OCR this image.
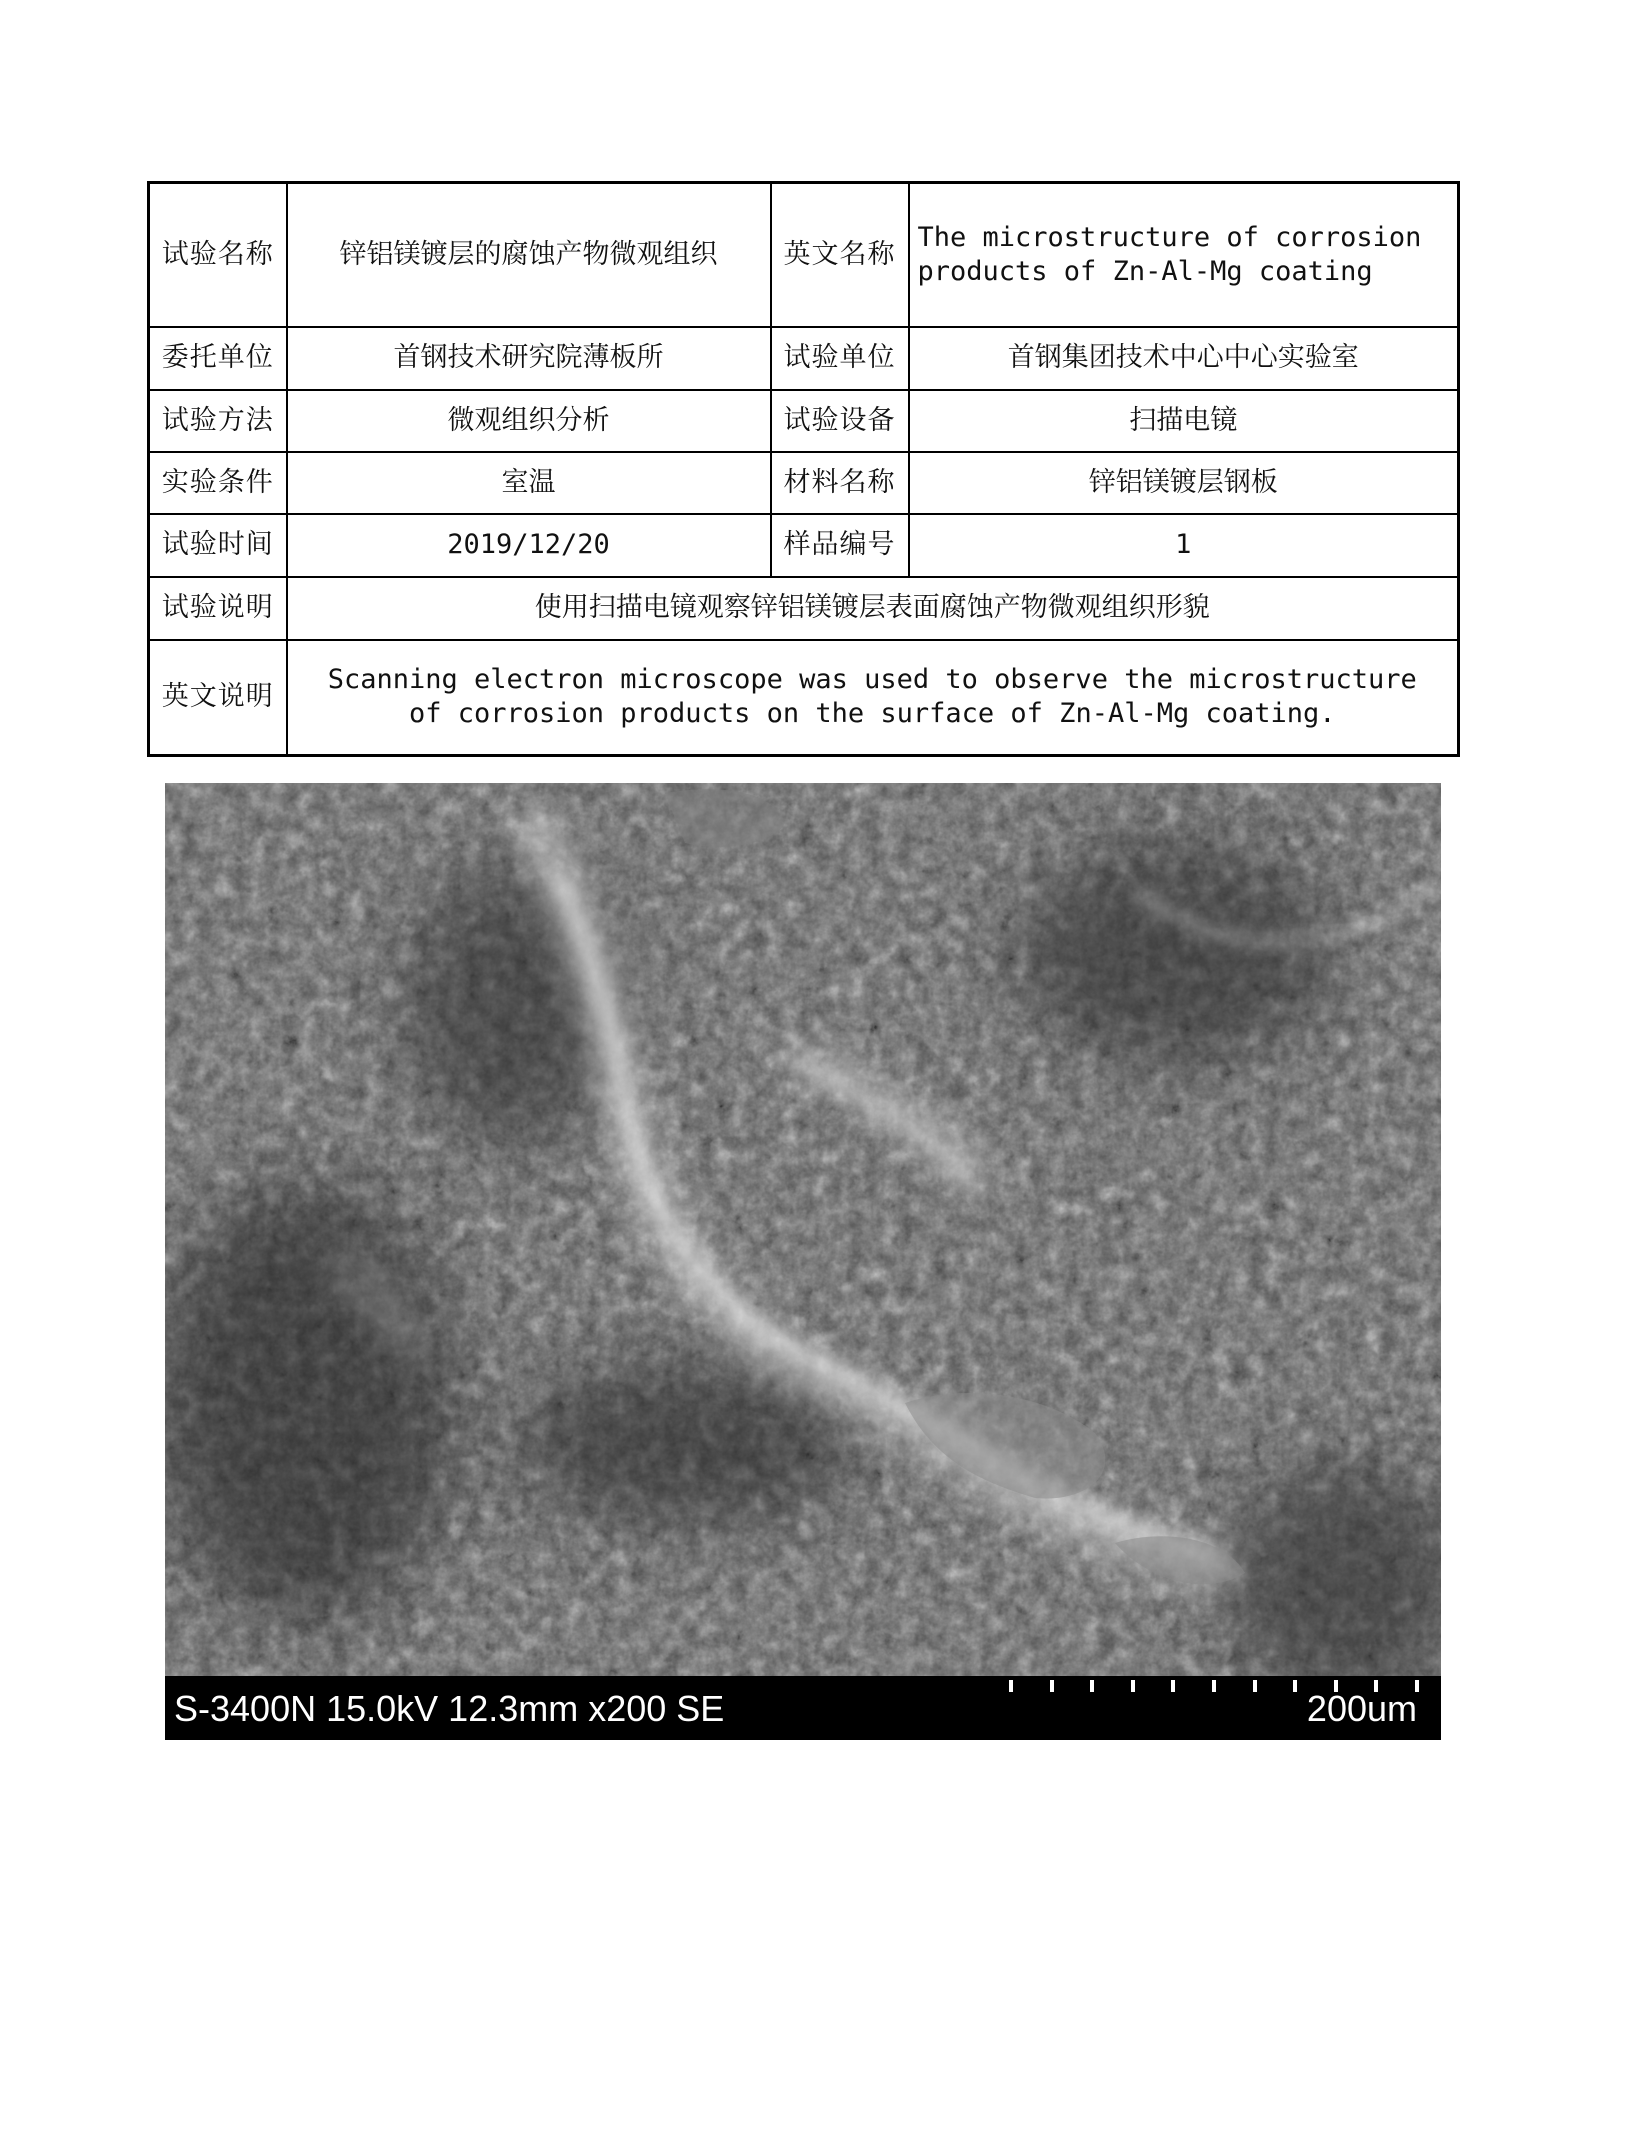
试验名称	锌铝镁镀层的腐蚀产物微观组织	英文名称	The microstructure of corrosion products of Zn-Al-Mg coating
委托单位	首钢技术研究院薄板所	试验单位	首钢集团技术中心中心实验室
试验方法	微观组织分析	试验设备	扫描电镜
实验条件	室温	材料名称	锌铝镁镀层钢板
试验时间	2019/12/20	样品编号	1
试验说明	使用扫描电镜观察锌铝镁镀层表面腐蚀产物微观组织形貌		
英文说明	Scanning electron microscope was used to observe the microstructure of corrosion products on the surface of Zn-Al-Mg coating.		
S-3400N 15.0kV 12.3mm x200 SE	200um
